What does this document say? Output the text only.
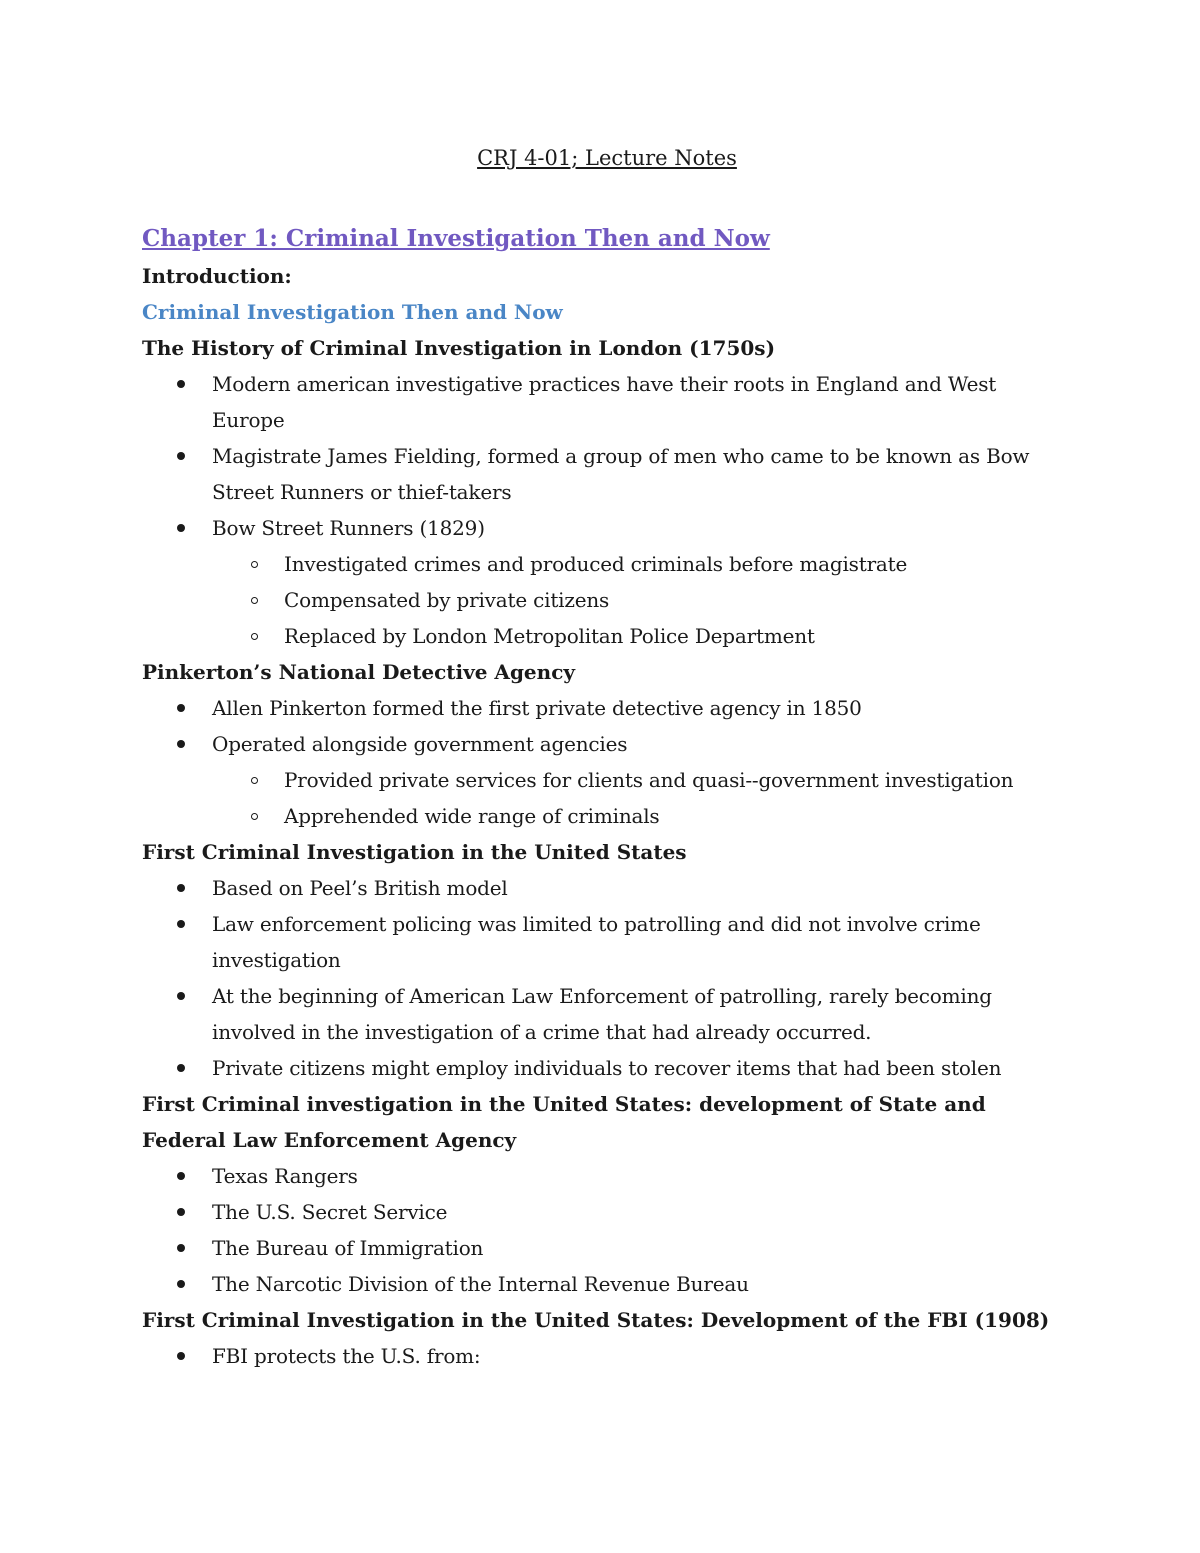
CRJ 4-01; Lecture Notes
Chapter 1: Criminal Investigation Then and Now
Introduction:
Criminal Investigation Then and Now
The History of Criminal Investigation in London (1750s)
Modern american investigative practices have their roots in England and West Europe
Magistrate James Fielding, formed a group of men who came to be known as Bow Street Runners or thief-takers
Bow Street Runners (1829)
Investigated crimes and produced criminals before magistrate
Compensated by private citizens
Replaced by London Metropolitan Police Department
Pinkerton’s National Detective Agency
Allen Pinkerton formed the first private detective agency in 1850
Operated alongside government agencies
Provided private services for clients and quasi--government investigation
Apprehended wide range of criminals
First Criminal Investigation in the United States
Based on Peel’s British model
Law enforcement policing was limited to patrolling and did not involve crime investigation
At the beginning of American Law Enforcement of patrolling, rarely becoming involved in the investigation of a crime that had already occurred.
Private citizens might employ individuals to recover items that had been stolen
First Criminal investigation in the United States: development of State and Federal Law Enforcement Agency
Texas Rangers
The U.S. Secret Service
The Bureau of Immigration
The Narcotic Division of the Internal Revenue Bureau
First Criminal Investigation in the United States: Development of the FBI (1908)
FBI protects the U.S. from:
